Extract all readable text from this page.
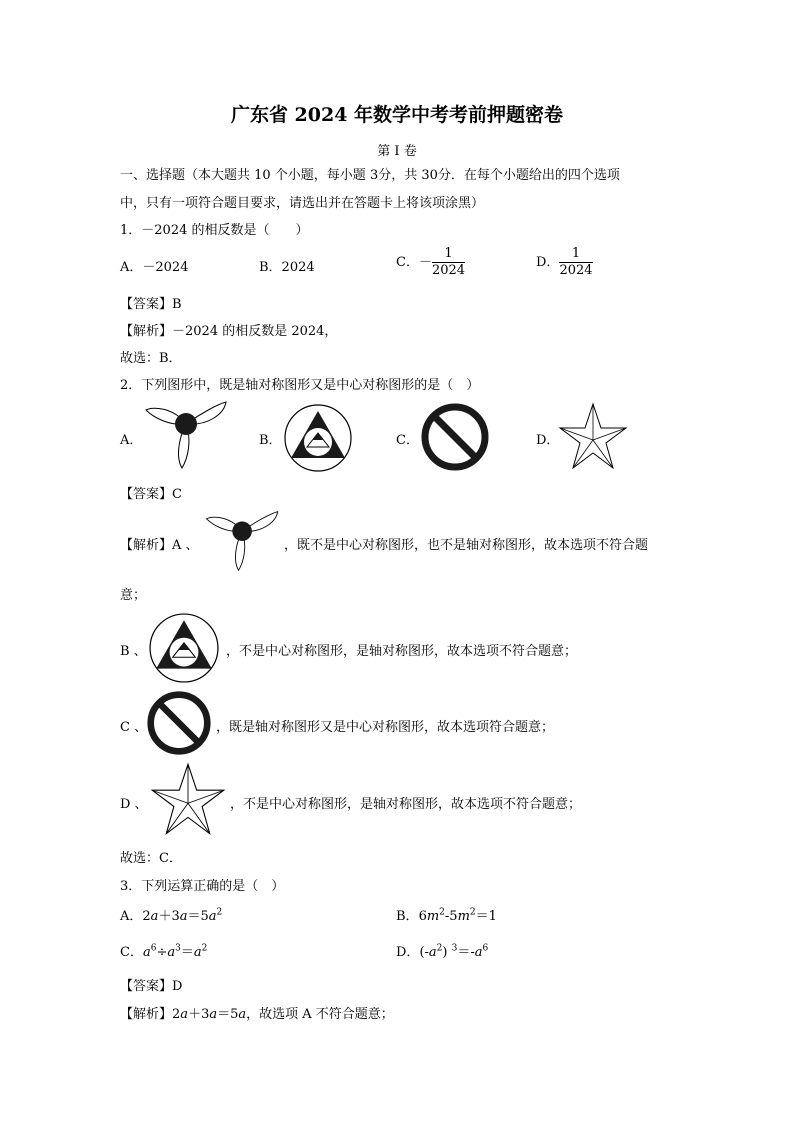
广东省 2024 年数学中考考前押题密卷
第 I 卷
一、选择题（本大题共 10 个小题，每小题 3分，共 30分．在每个小题给出的四个选项
中，只有一项符合题目要求，请选出并在答题卡上将该项涂黑）
1．－2024 的相反数是（　　）
A．－2024	B．2024	C．－ $\frac{1}{2024}$	D． $\frac{1}{2024}$
【答案】B
【解析】－2024 的相反数是 2024，
故选：B．
2．下列图形中，既是轴对称图形又是中心对称图形的是（　）
A．	B．	C．	D．
【答案】C
【解析】A 、	，既不是中心对称图形，也不是轴对称图形，故本选项不符合题
意；
B 、	，不是中心对称图形，是轴对称图形，故本选项不符合题意；
C 、	，既是轴对称图形又是中心对称图形，故本选项符合题意；
D 、	，不是中心对称图形，是轴对称图形，故本选项不符合题意；
故选：C．
3．下列运算正确的是（　）
A．$2a+3a=5a^2$	B．$6m^2-5m^2=1$
C．$a^6\div a^3=a^2$	D．$(-a^2)$ $^3=-a^6$
【答案】D
【解析】2a＋3a＝5a，故选项 A 不符合题意；
